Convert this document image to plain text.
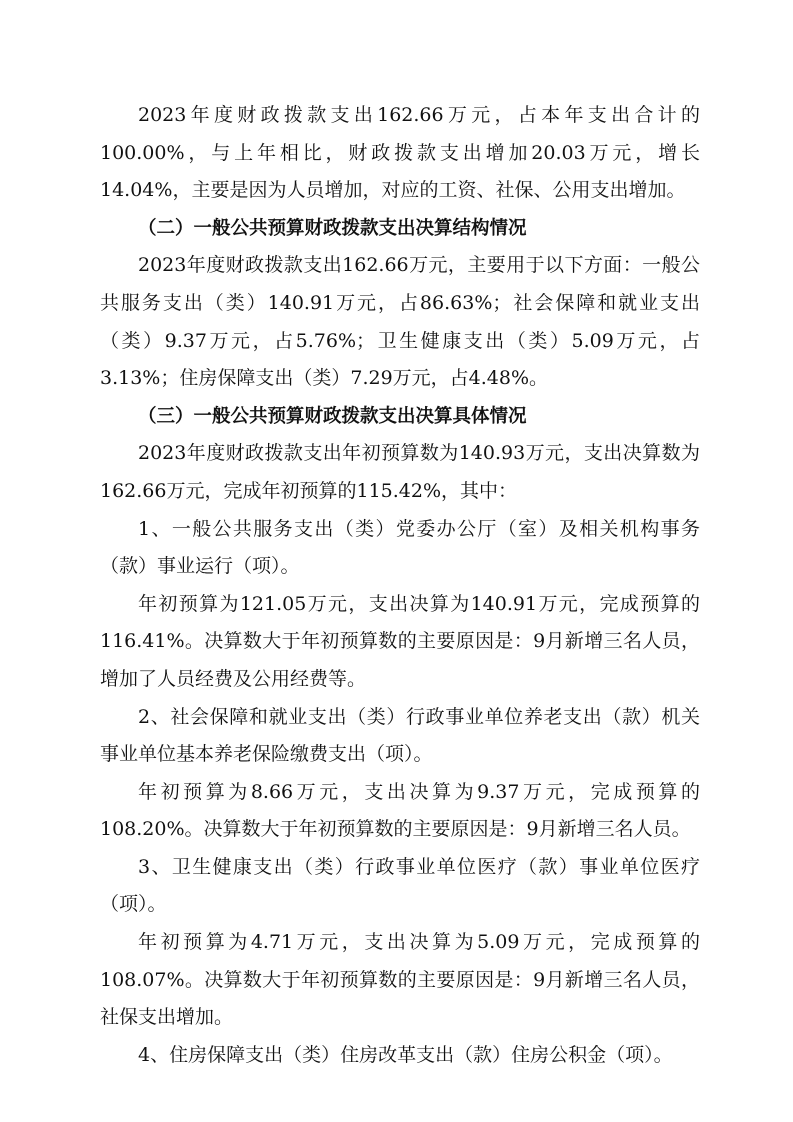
2023年度财政拨款支出162.66万元，占本年支出合计的100.00%，与上年相比，财政拨款支出增加20.03万元，增长14.04%，主要是因为人员增加，对应的工资、社保、公用支出增加。

（二）一般公共预算财政拨款支出决算结构情况

2023年度财政拨款支出162.66万元，主要用于以下方面：一般公共服务支出（类）140.91万元，占86.63%；社会保障和就业支出（类）9.37万元，占5.76%；卫生健康支出（类）5.09万元，占3.13%；住房保障支出（类）7.29万元，占4.48%。

（三）一般公共预算财政拨款支出决算具体情况

2023年度财政拨款支出年初预算数为140.93万元，支出决算数为162.66万元，完成年初预算的115.42%，其中：

1、一般公共服务支出（类）党委办公厅（室）及相关机构事务（款）事业运行（项）。

年初预算为121.05万元，支出决算为140.91万元，完成预算的116.41%。决算数大于年初预算数的主要原因是：9月新增三名人员，增加了人员经费及公用经费等。

2、社会保障和就业支出（类）行政事业单位养老支出（款）机关事业单位基本养老保险缴费支出（项）。

年初预算为8.66万元，支出决算为9.37万元，完成预算的108.20%。决算数大于年初预算数的主要原因是：9月新增三名人员。

3、卫生健康支出（类）行政事业单位医疗（款）事业单位医疗（项）。

年初预算为4.71万元，支出决算为5.09万元，完成预算的108.07%。决算数大于年初预算数的主要原因是：9月新增三名人员，社保支出增加。

4、住房保障支出（类）住房改革支出（款）住房公积金（项）。
